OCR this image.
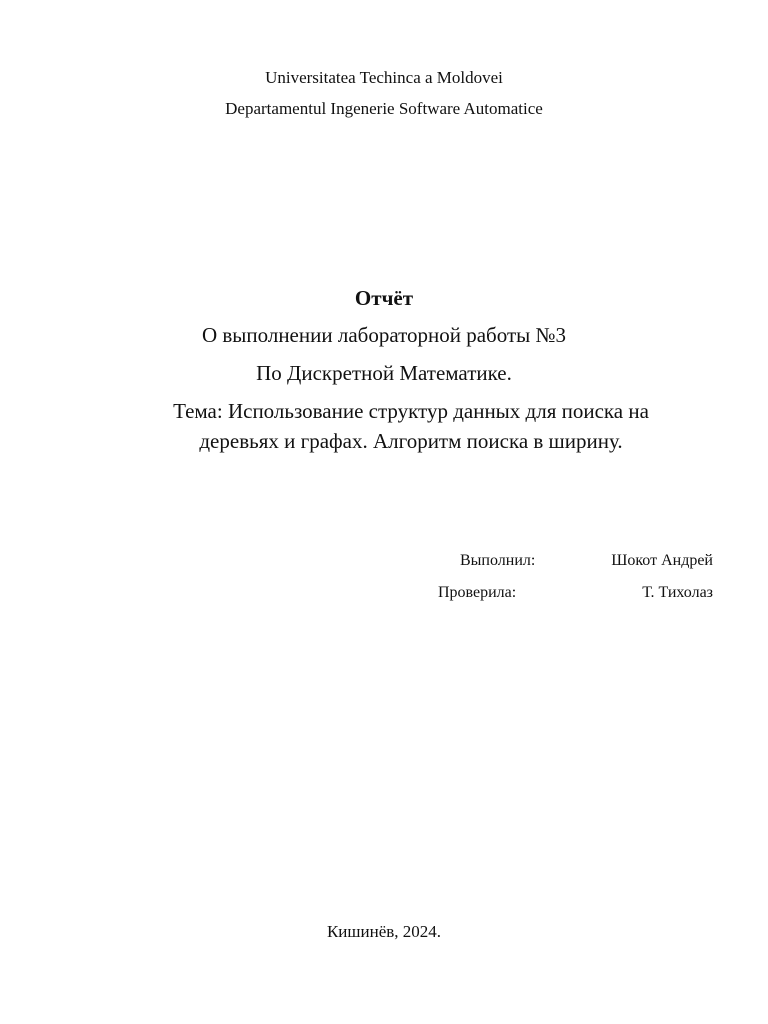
Universitatea Techinca a Moldovei
Departamentul Ingenerie Software Automatice
Отчёт
О выполнении лабораторной работы №3
По Дискретной Математике.
Тема: Использование структур данных для поиска на деревьях и графах. Алгоритм поиска в ширину.
Выполнил:	Шокот Андрей
Проверила:	Т. Тихолаз
Кишинёв, 2024.
